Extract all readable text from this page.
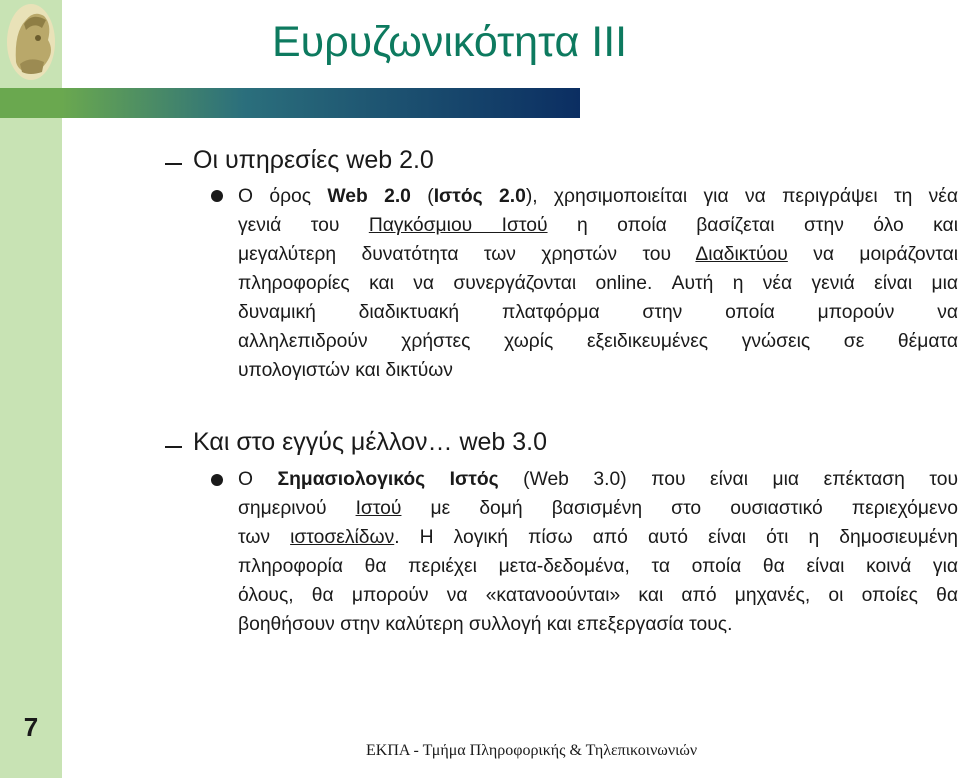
Ευρυζωνικότητα ΙΙΙ
Οι υπηρεσίες web 2.0
Ο όρος Web 2.0 (Ιστός 2.0), χρησιμοποιείται για να περιγράψει τη νέα
γενιά του Παγκόσμιου Ιστού η οποία βασίζεται στην όλο και
μεγαλύτερη δυνατότητα των χρηστών του Διαδικτύου να μοιράζονται
πληροφορίες και να συνεργάζονται online. Αυτή η νέα γενιά είναι μια
δυναμική διαδικτυακή πλατφόρμα στην οποία μπορούν να
αλληλεπιδρούν χρήστες χωρίς εξειδικευμένες γνώσεις σε θέματα
υπολογιστών και δικτύων
Και στο εγγύς μέλλον… web 3.0
Ο Σημασιολογικός Ιστός (Web 3.0) που είναι μια επέκταση του
σημερινού Ιστού με δομή βασισμένη στο ουσιαστικό περιεχόμενο
των ιστοσελίδων. Η λογική πίσω από αυτό είναι ότι η δημοσιευμένη
πληροφορία θα περιέχει μετα-δεδομένα, τα οποία θα είναι κοινά για
όλους, θα μπορούν να «κατανοούνται» και από μηχανές, οι οποίες θα
βοηθήσουν στην καλύτερη συλλογή και επεξεργασία τους.
7
ΕΚΠΑ - Τμήμα Πληροφορικής & Τηλεπικοινωνιών
